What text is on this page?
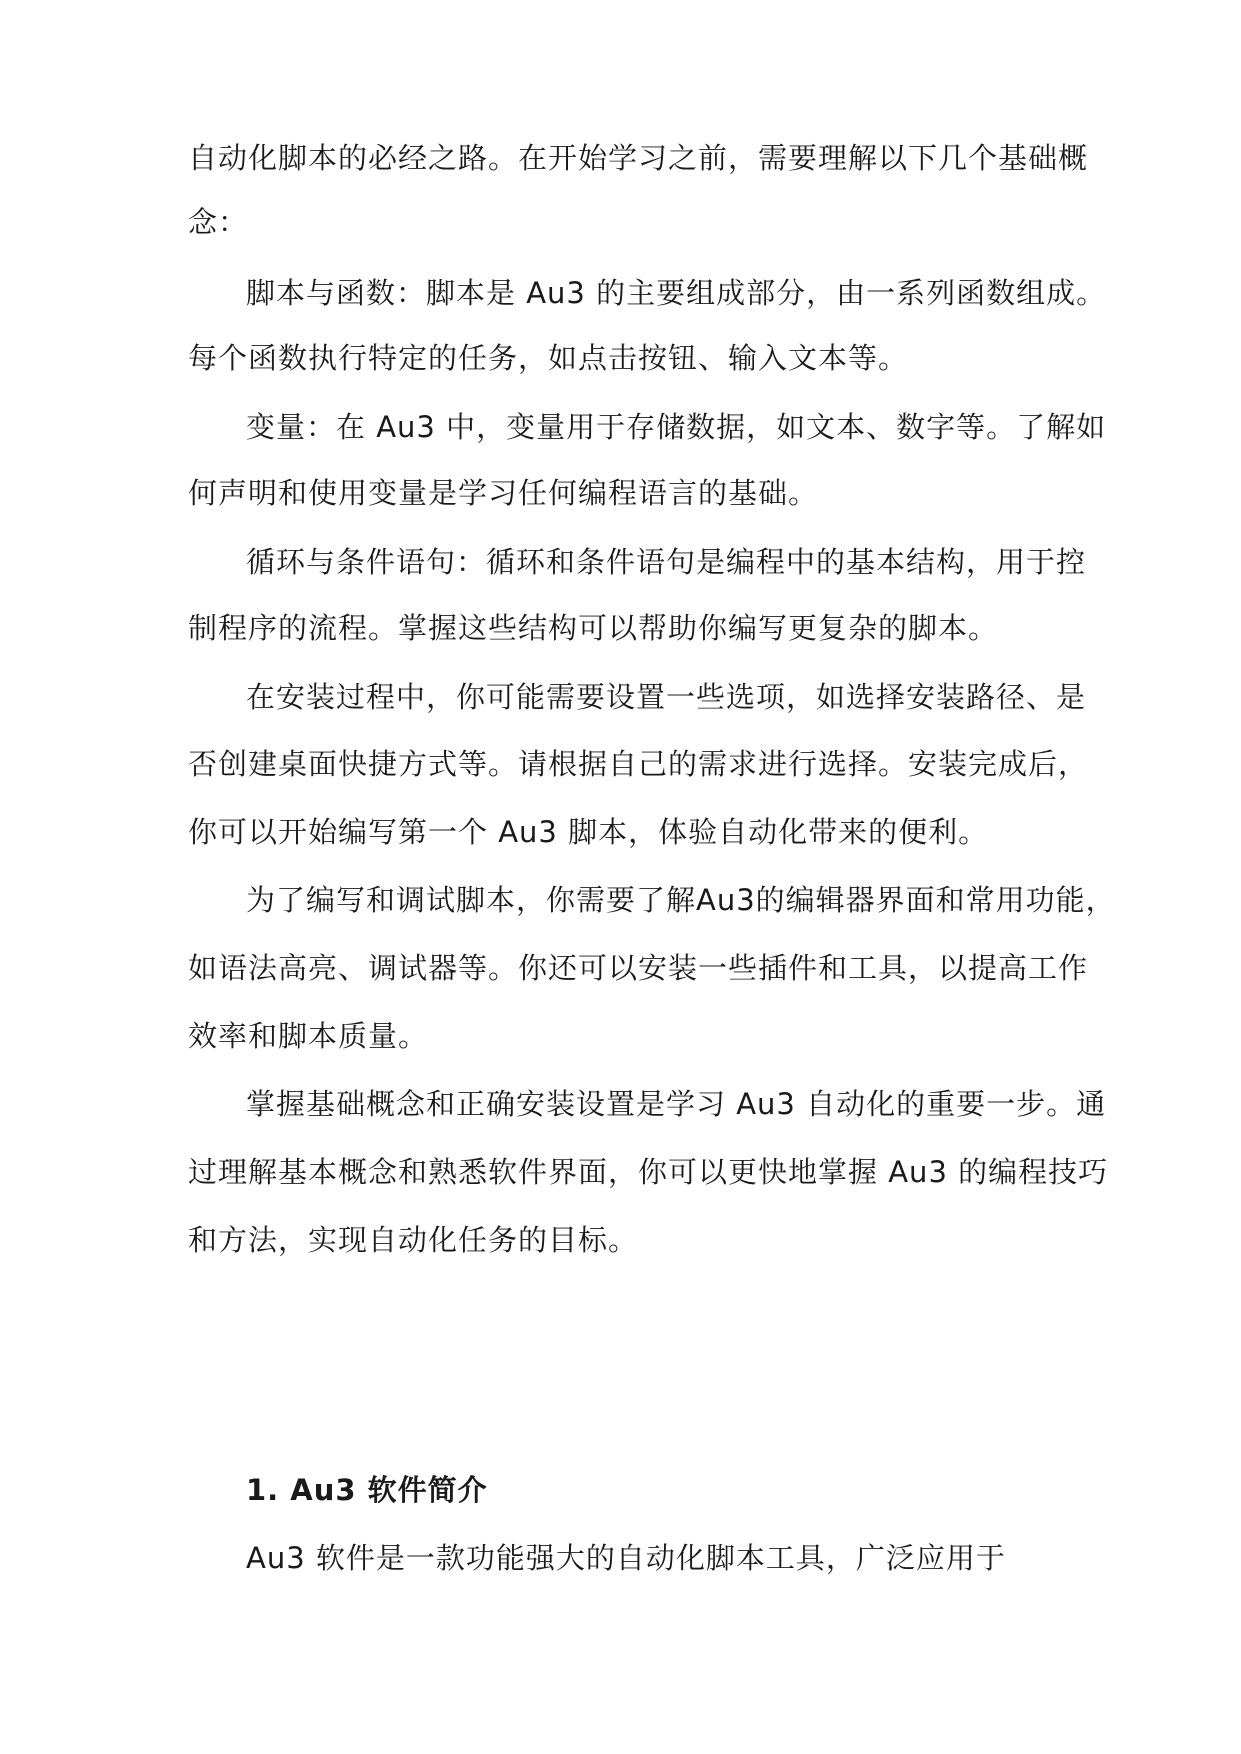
自动化脚本的必经之路。在开始学习之前，需要理解以下几个基础概

念：

脚本与函数：脚本是 Au3 的主要组成部分，由一系列函数组成。

每个函数执行特定的任务，如点击按钮、输入文本等。

变量：在 Au3 中，变量用于存储数据，如文本、数字等。了解如

何声明和使用变量是学习任何编程语言的基础。

循环与条件语句：循环和条件语句是编程中的基本结构，用于控

制程序的流程。掌握这些结构可以帮助你编写更复杂的脚本。

在安装过程中，你可能需要设置一些选项，如选择安装路径、是

否创建桌面快捷方式等。请根据自己的需求进行选择。安装完成后，

你可以开始编写第一个 Au3 脚本，体验自动化带来的便利。

为了编写和调试脚本，你需要了解Au3的编辑器界面和常用功能，

如语法高亮、调试器等。你还可以安装一些插件和工具，以提高工作

效率和脚本质量。

掌握基础概念和正确安装设置是学习 Au3 自动化的重要一步。通

过理解基本概念和熟悉软件界面，你可以更快地掌握 Au3 的编程技巧

和方法，实现自动化任务的目标。

1. Au3 软件简介

Au3 软件是一款功能强大的自动化脚本工具，广泛应用于
